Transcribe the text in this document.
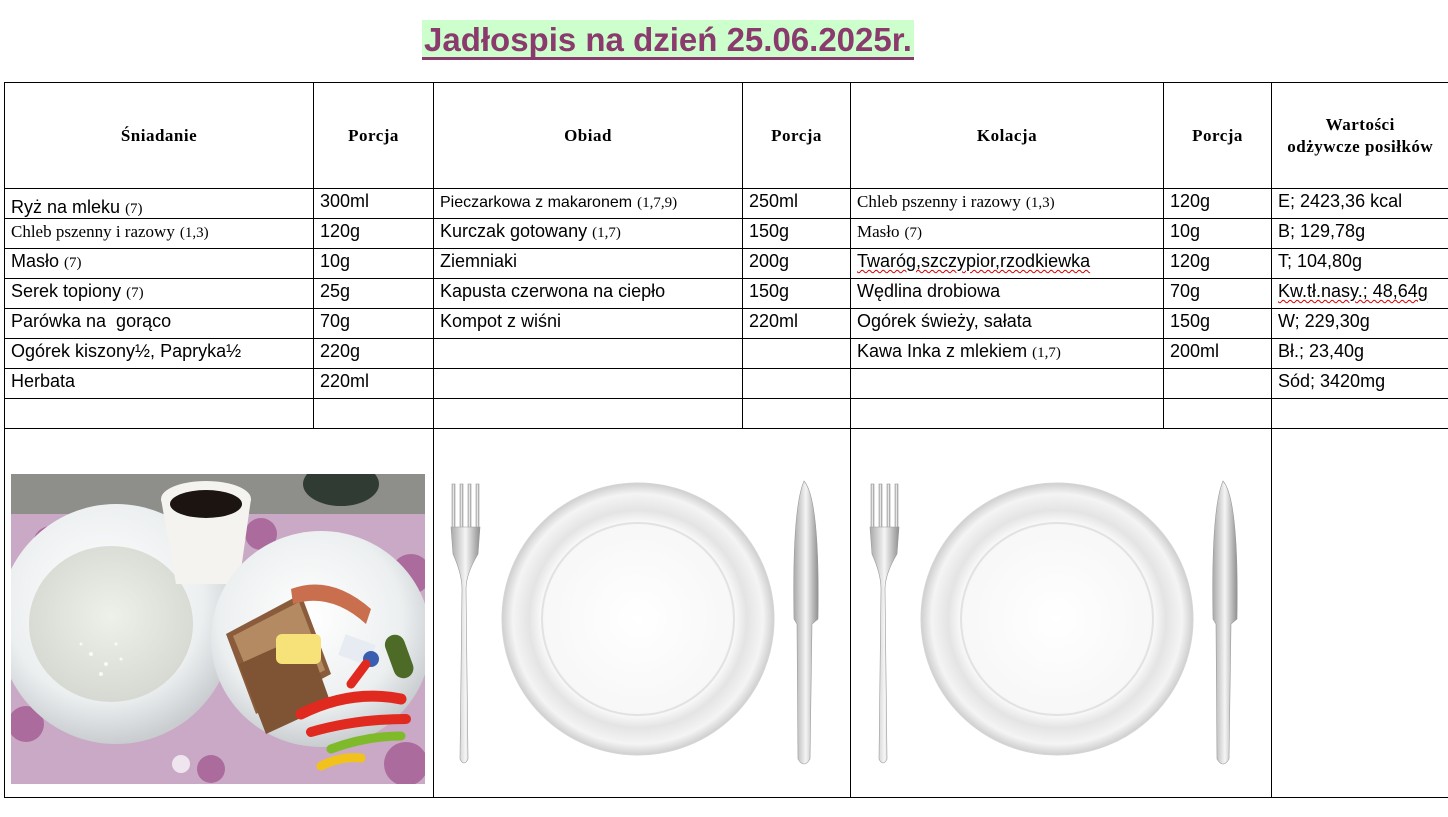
Jadłospis na dzień 25.06.2025r.
Śniadanie	Porcja	Obiad	Porcja	Kolacja	Porcja	Wartości
odżywcze posiłków
Ryż na mleku (7)	300ml	Pieczarkowa z makaronem (1,7,9)	250ml	Chleb pszenny i razowy (1,3)	120g	E; 2423,36 kcal
Chleb pszenny i razowy (1,3)	120g	Kurczak gotowany (1,7)	150g	Masło (7)	10g	B; 129,78g
Masło (7)	10g	Ziemniaki	200g	Twaróg,szczypior,rzodkiewka	120g	T; 104,80g
Serek topiony (7)	25g	Kapusta czerwona na ciepło	150g	Wędlina drobiowa	70g	Kw.tł.nasy.; 48,64g
Parówka na  gorąco	70g	Kompot z wiśni	220ml	Ogórek świeży, sałata	150g	W; 229,30g
Ogórek kiszony½, Papryka½	220g			Kawa Inka z mlekiem (1,7)	200ml	Bł.; 23,40g
Herbata	220ml					Sód; 3420mg
